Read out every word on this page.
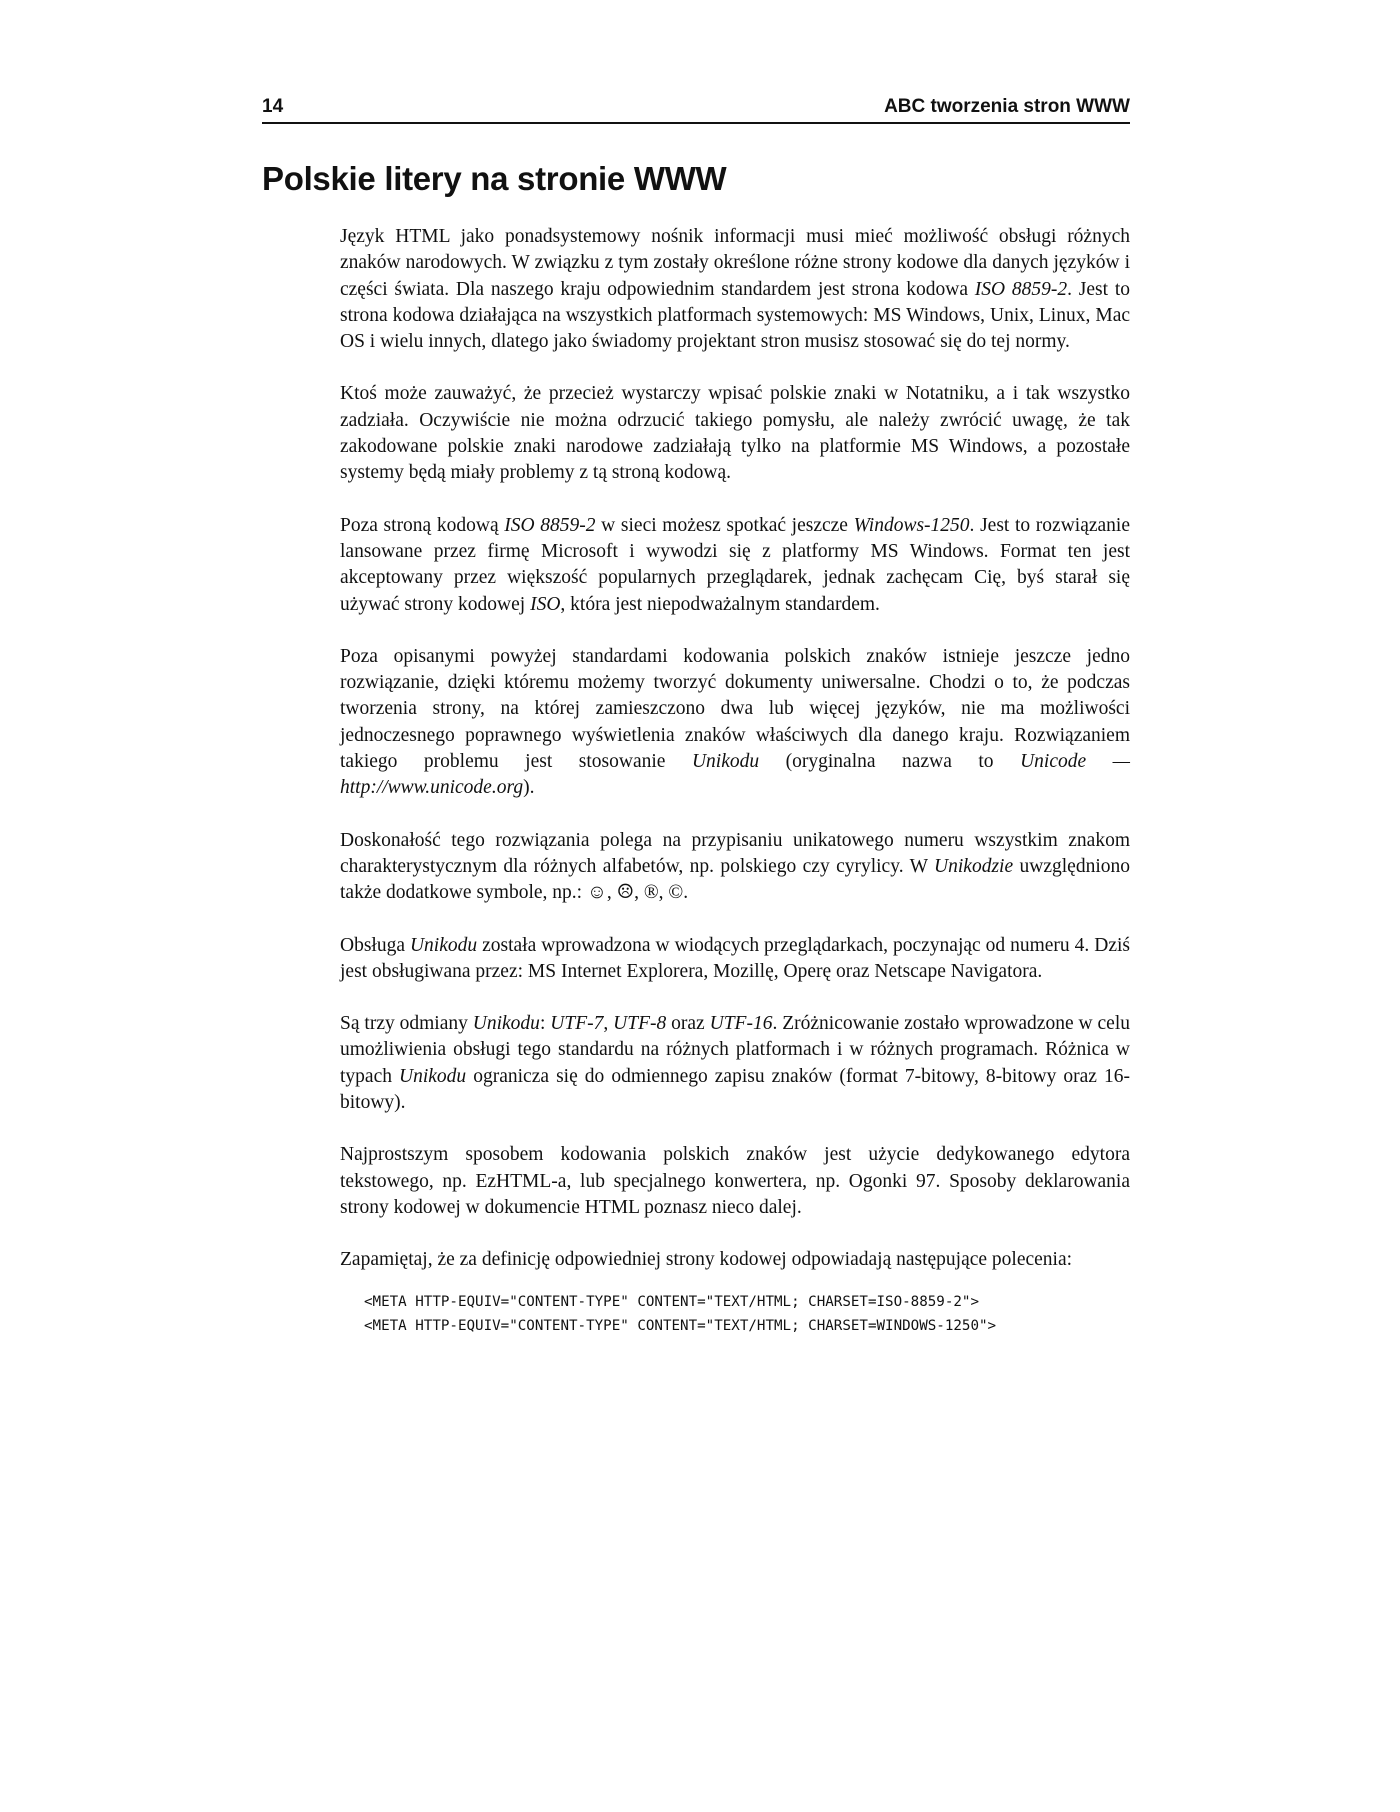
14	ABC tworzenia stron WWW
Polskie litery na stronie WWW

Język HTML jako ponadsystemowy nośnik informacji musi mieć możliwość obsługi różnych znaków narodowych. W związku z tym zostały określone różne strony kodowe dla danych języków i części świata. Dla naszego kraju odpowiednim standardem jest strona kodowa ISO 8859-2. Jest to strona kodowa działająca na wszystkich platformach systemowych: MS Windows, Unix, Linux, Mac OS i wielu innych, dlatego jako świadomy projektant stron musisz stosować się do tej normy.

Ktoś może zauważyć, że przecież wystarczy wpisać polskie znaki w Notatniku, a i tak wszystko zadziała. Oczywiście nie można odrzucić takiego pomysłu, ale należy zwrócić uwagę, że tak zakodowane polskie znaki narodowe zadziałają tylko na platformie MS Windows, a pozostałe systemy będą miały problemy z tą stroną kodową.

Poza stroną kodową ISO 8859-2 w sieci możesz spotkać jeszcze Windows-1250. Jest to rozwiązanie lansowane przez firmę Microsoft i wywodzi się z platformy MS Windows. Format ten jest akceptowany przez większość popularnych przeglądarek, jednak zachęcam Cię, byś starał się używać strony kodowej ISO, która jest niepodważalnym standardem.

Poza opisanymi powyżej standardami kodowania polskich znaków istnieje jeszcze jedno rozwiązanie, dzięki któremu możemy tworzyć dokumenty uniwersalne. Chodzi o to, że podczas tworzenia strony, na której zamieszczono dwa lub więcej języków, nie ma możliwości jednoczesnego poprawnego wyświetlenia znaków właściwych dla danego kraju. Rozwiązaniem takiego problemu jest stosowanie Unikodu (oryginalna nazwa to Unicode — http://www.unicode.org).

Doskonałość tego rozwiązania polega na przypisaniu unikatowego numeru wszystkim znakom charakterystycznym dla różnych alfabetów, np. polskiego czy cyrylicy. W Unikodzie uwzględniono także dodatkowe symbole, np.: ☺, ☹, ®, ©.

Obsługa Unikodu została wprowadzona w wiodących przeglądarkach, poczynając od numeru 4. Dziś jest obsługiwana przez: MS Internet Explorera, Mozillę, Operę oraz Netscape Navigatora.

Są trzy odmiany Unikodu: UTF-7, UTF-8 oraz UTF-16. Zróżnicowanie zostało wprowadzone w celu umożliwienia obsługi tego standardu na różnych platformach i w różnych programach. Różnica w typach Unikodu ogranicza się do odmiennego zapisu znaków (format 7-bitowy, 8-bitowy oraz 16-bitowy).

Najprostszym sposobem kodowania polskich znaków jest użycie dedykowanego edytora tekstowego, np. EzHTML-a, lub specjalnego konwertera, np. Ogonki 97. Sposoby deklarowania strony kodowej w dokumencie HTML poznasz nieco dalej.

Zapamiętaj, że za definicję odpowiedniej strony kodowej odpowiadają następujące polecenia:

<META HTTP-EQUIV="CONTENT-TYPE" CONTENT="TEXT/HTML; CHARSET=ISO-8859-2">
<META HTTP-EQUIV="CONTENT-TYPE" CONTENT="TEXT/HTML; CHARSET=WINDOWS-1250">
